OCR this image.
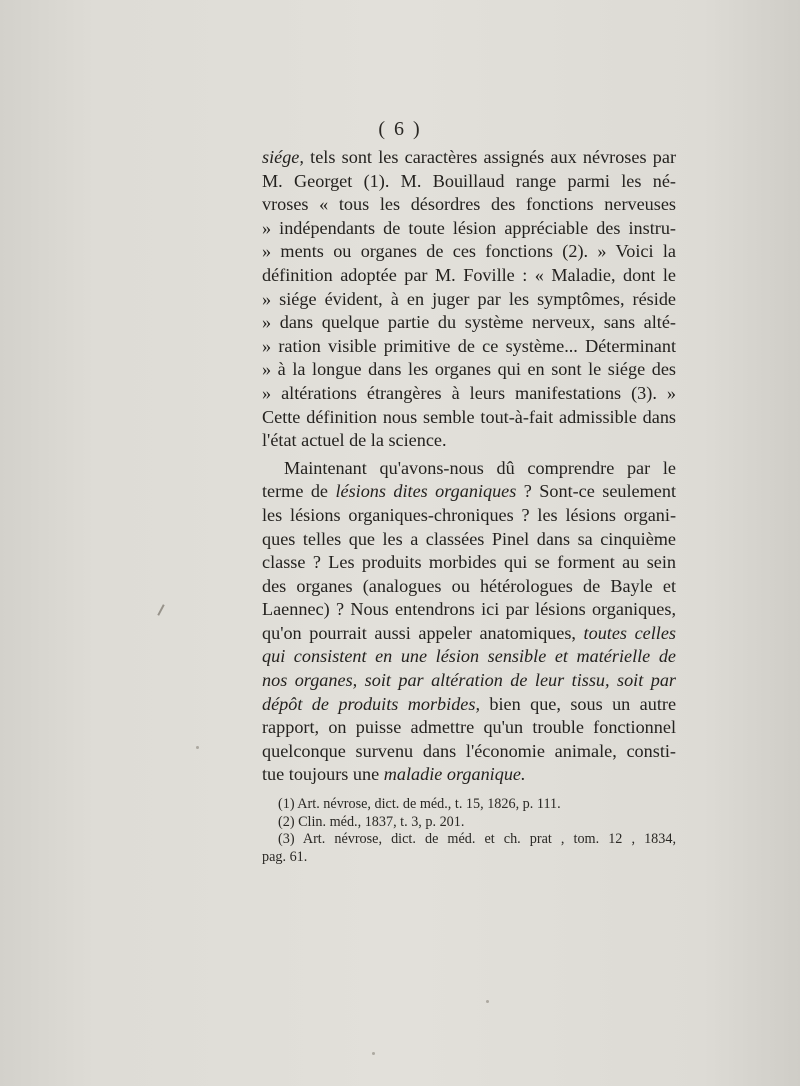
( 6 )
siége, tels sont les caractères assignés aux névroses par
M. Georget (1). M. Bouillaud range parmi les né-
vroses « tous les désordres des fonctions nerveuses
» indépendants de toute lésion appréciable des instru-
» ments ou organes de ces fonctions (2). » Voici la
définition adoptée par M. Foville : « Maladie, dont le
» siége évident, à en juger par les symptômes, réside
» dans quelque partie du système nerveux, sans alté-
» ration visible primitive de ce système... Déterminant
» à la longue dans les organes qui en sont le siége des
» altérations étrangères à leurs manifestations (3). »
Cette définition nous semble tout-à-fait admissible dans
l'état actuel de la science.
Maintenant qu'avons-nous dû comprendre par le
terme de lésions dites organiques ? Sont-ce seulement
les lésions organiques-chroniques ? les lésions organi-
ques telles que les a classées Pinel dans sa cinquième
classe ? Les produits morbides qui se forment au sein
des organes (analogues ou hétérologues de Bayle et
Laennec) ? Nous entendrons ici par lésions organiques,
qu'on pourrait aussi appeler anatomiques, toutes celles
qui consistent en une lésion sensible et matérielle de
nos organes, soit par altération de leur tissu, soit par
dépôt de produits morbides, bien que, sous un autre
rapport, on puisse admettre qu'un trouble fonctionnel
quelconque survenu dans l'économie animale, consti-
tue toujours une maladie organique.
(1) Art. névrose, dict. de méd., t. 15, 1826, p. 111.
(2) Clin. méd., 1837, t. 3, p. 201.
(3) Art. névrose, dict. de méd. et ch. prat , tom. 12 , 1834,
pag. 61.
